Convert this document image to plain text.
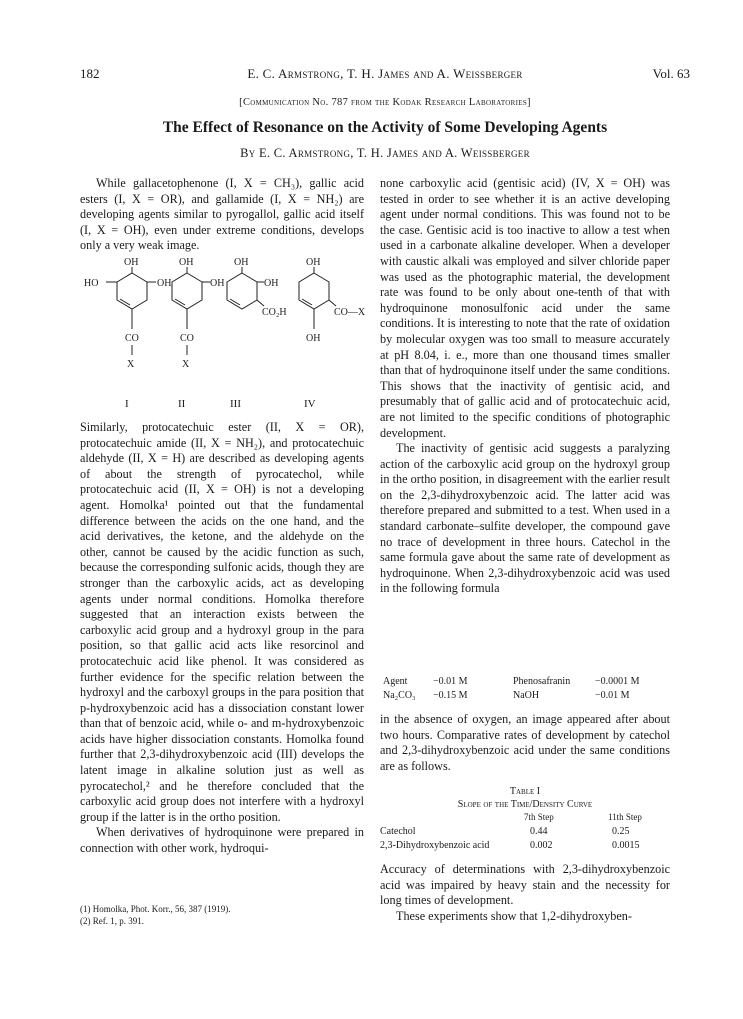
182	E. C. Armstrong, T. H. James and A. Weissberger	Vol. 63
[Communication No. 787 from the Kodak Research Laboratories]
The Effect of Resonance on the Activity of Some Developing Agents
By E. C. Armstrong, T. H. James and A. Weissberger

While gallacetophenone (I, X = CH₃), gallic acid esters (I, X = OR), and gallamide (I, X = NH₂) are developing agents similar to pyrogallol, gallic acid itself (I, X = OH), even under extreme conditions, develops only a very weak image.

OH
HO	OH
CO
X
OH
OH
CO
X
OH
OH
CO₂H
OH
CO—X
OH
I	II	III	IV

Similarly, protocatechuic ester (II, X = OR), protocatechuic amide (II, X = NH₂), and protocatechuic aldehyde (II, X = H) are described as developing agents of about the strength of pyrocatechol, while protocatechuic acid (II, X = OH) is not a developing agent. Homolka¹ pointed out that the fundamental difference between the acids on the one hand, and the acid derivatives, the ketone, and the aldehyde on the other, cannot be caused by the acidic function as such, because the corresponding sulfonic acids, though they are stronger than the carboxylic acids, act as developing agents under normal conditions. Homolka therefore suggested that an interaction exists between the carboxylic acid group and a hydroxyl group in the para position, so that gallic acid acts like resorcinol and protocatechuic acid like phenol. It was considered as further evidence for the specific relation between the hydroxyl and the carboxyl groups in the para position that p-hydroxybenzoic acid has a dissociation constant lower than that of benzoic acid, while o- and m-hydroxybenzoic acids have higher dissociation constants. Homolka found further that 2,3-dihydroxybenzoic acid (III) develops the latent image in alkaline solution just as well as pyrocatechol,² and he therefore concluded that the carboxylic acid group does not interfere with a hydroxyl group if the latter is in the ortho position.

When derivatives of hydroquinone were prepared in connection with other work, hydroqui-

(1) Homolka, Phot. Korr., 56, 387 (1919).
(2) Ref. 1, p. 391.

none carboxylic acid (gentisic acid) (IV, X = OH) was tested in order to see whether it is an active developing agent under normal conditions. This was found not to be the case. Gentisic acid is too inactive to allow a test when used in a carbonate alkaline developer. When a developer with caustic alkali was employed and silver chloride paper was used as the photographic material, the development rate was found to be only about one-tenth of that with hydroquinone monosulfonic acid under the same conditions. It is interesting to note that the rate of oxidation by molecular oxygen was too small to measure accurately at pH 8.04, i. e., more than one thousand times smaller than that of hydroquinone itself under the same conditions. This shows that the inactivity of gentisic acid, and presumably that of gallic acid and of protocatechuic acid, are not limited to the specific conditions of photographic development.

The inactivity of gentisic acid suggests a paralyzing action of the carboxylic acid group on the hydroxyl group in the ortho position, in disagreement with the earlier result on the 2,3-dihydroxybenzoic acid. The latter acid was therefore prepared and submitted to a test. When used in a standard carbonate–sulfite developer, the compound gave no trace of development in three hours. Catechol in the same formula gave about the same rate of development as hydroquinone. When 2,3-dihydroxybenzoic acid was used in the following formula

Agent	−0.01 M	Phenosafranin −0.0001 M
Na₂CO₃ −0.15 M	NaOH	−0.01 M

in the absence of oxygen, an image appeared after about two hours. Comparative rates of development by catechol and 2,3-dihydroxybenzoic acid under the same conditions are as follows.

Table I
Slope of the Time/Density Curve
7th Step	11th Step
Catechol	0.44	0.25
2,3-Dihydroxybenzoic acid	0.002	0.0015

Accuracy of determinations with 2,3-dihydroxybenzoic acid was impaired by heavy stain and the necessity for long times of development.

These experiments show that 1,2-dihydroxyben-
